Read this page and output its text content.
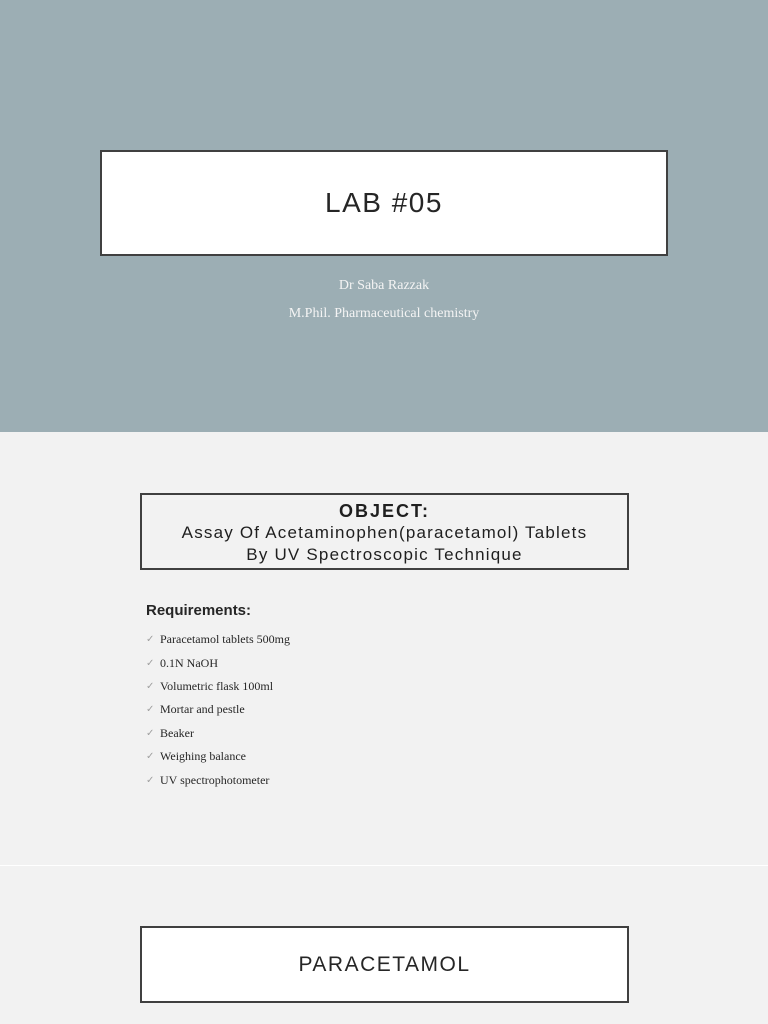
LAB #05
Dr Saba Razzak
M.Phil. Pharmaceutical chemistry
OBJECT:
Assay Of Acetaminophen(paracetamol) Tablets
By UV Spectroscopic Technique
Requirements:
✓ Paracetamol tablets 500mg
✓ 0.1N NaOH
✓ Volumetric flask 100ml
✓ Mortar and pestle
✓ Beaker
✓ Weighing balance
✓ UV spectrophotometer
PARACETAMOL
